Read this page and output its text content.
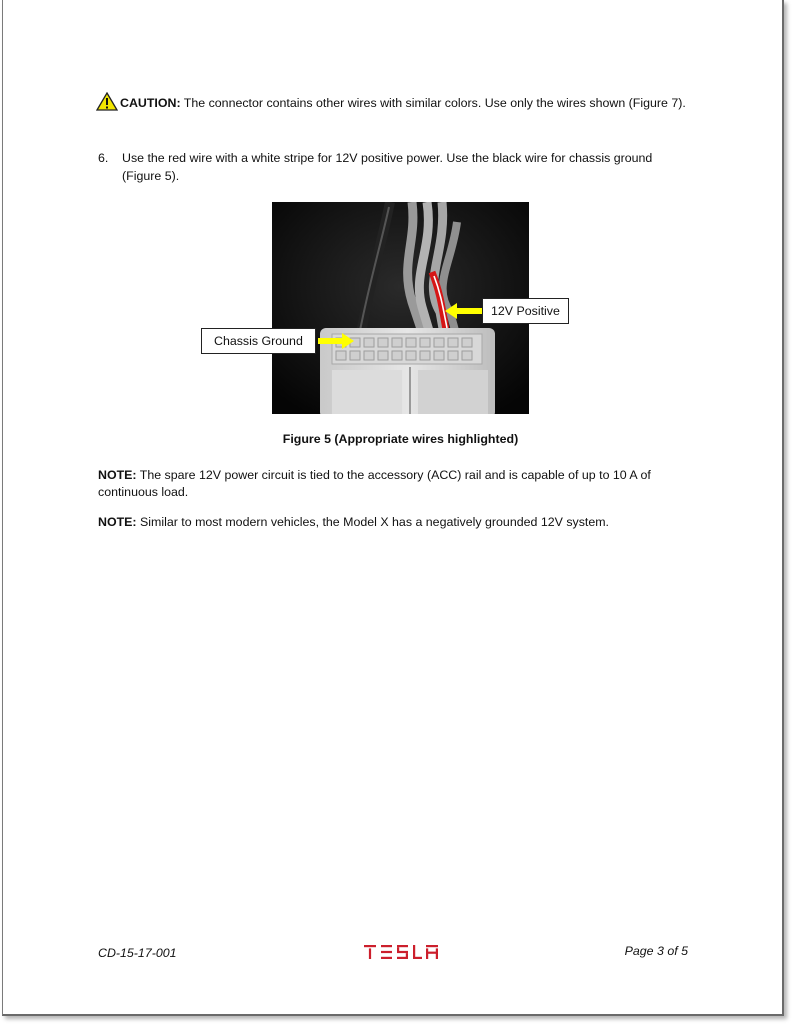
CAUTION: The connector contains other wires with similar colors. Use only the wires shown (Figure 7).
6. Use the red wire with a white stripe for 12V positive power. Use the black wire for chassis ground (Figure 5).
12V Positive
Chassis Ground
Figure 5 (Appropriate wires highlighted)
NOTE: The spare 12V power circuit is tied to the accessory (ACC) rail and is capable of up to 10 A of continuous load.
NOTE: Similar to most modern vehicles, the Model X has a negatively grounded 12V system.
CD-15-17-001	Page 3 of 5
